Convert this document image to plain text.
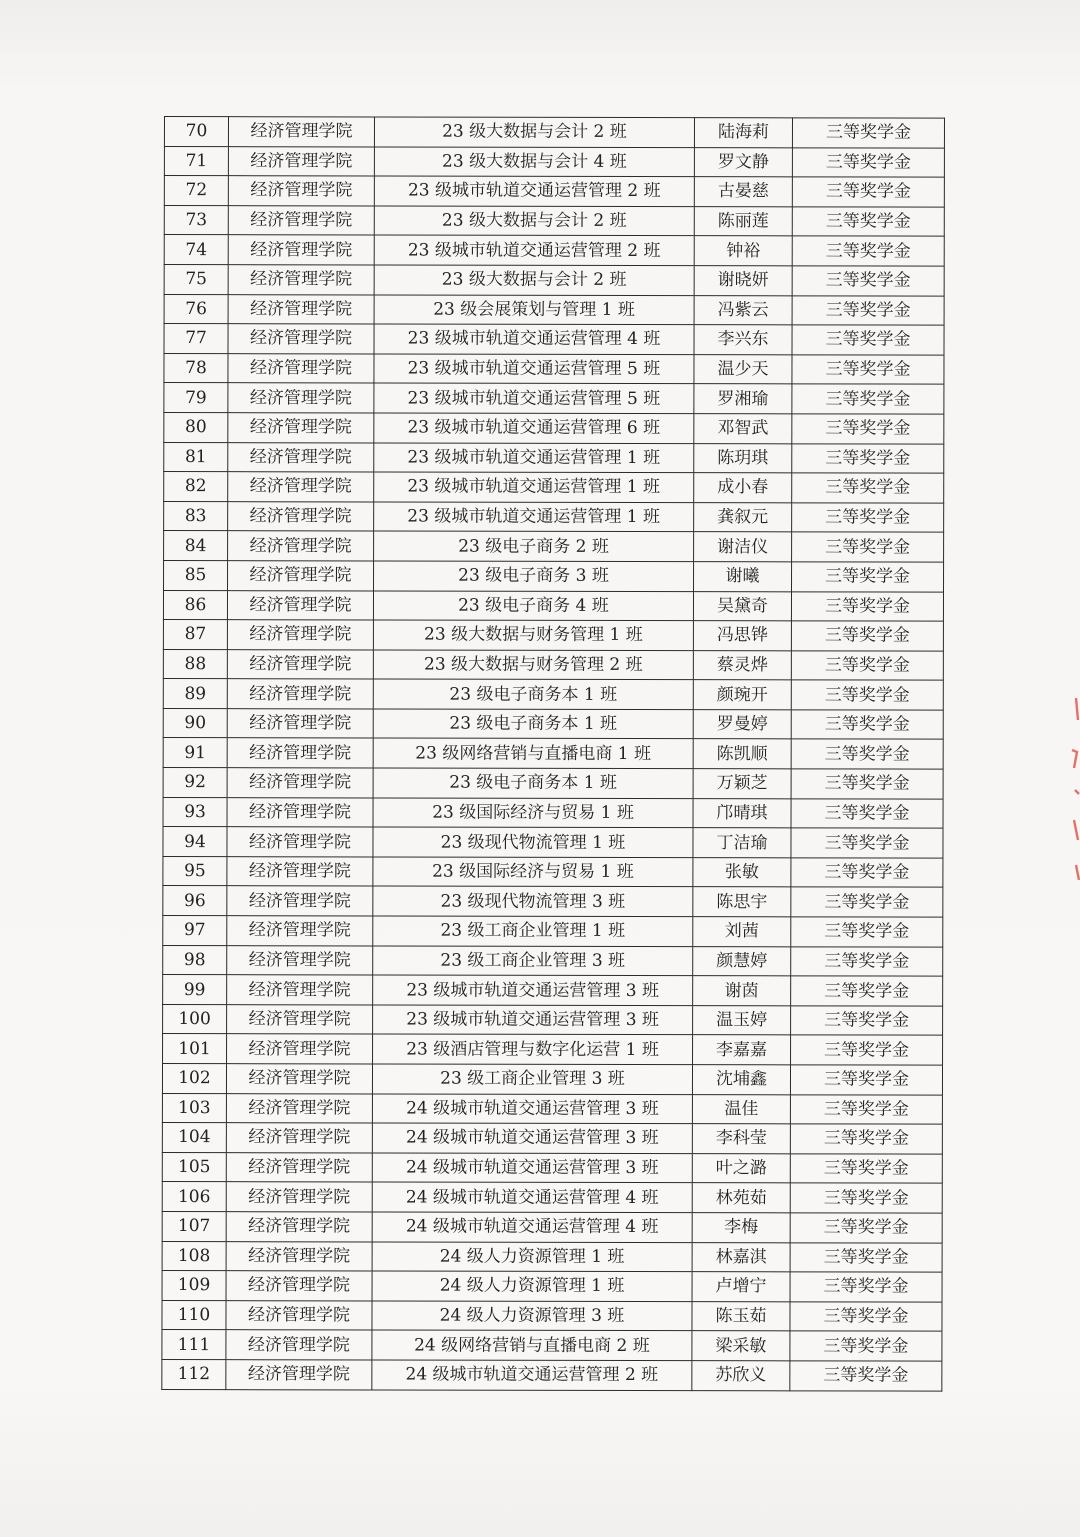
70	经济管理学院	23 级大数据与会计 2 班	陆海莉	三等奖学金
71	经济管理学院	23 级大数据与会计 4 班	罗文静	三等奖学金
72	经济管理学院	23 级城市轨道交通运营管理 2 班	古晏慈	三等奖学金
73	经济管理学院	23 级大数据与会计 2 班	陈丽莲	三等奖学金
74	经济管理学院	23 级城市轨道交通运营管理 2 班	钟裕	三等奖学金
75	经济管理学院	23 级大数据与会计 2 班	谢晓妍	三等奖学金
76	经济管理学院	23 级会展策划与管理 1 班	冯紫云	三等奖学金
77	经济管理学院	23 级城市轨道交通运营管理 4 班	李兴东	三等奖学金
78	经济管理学院	23 级城市轨道交通运营管理 5 班	温少天	三等奖学金
79	经济管理学院	23 级城市轨道交通运营管理 5 班	罗湘瑜	三等奖学金
80	经济管理学院	23 级城市轨道交通运营管理 6 班	邓智武	三等奖学金
81	经济管理学院	23 级城市轨道交通运营管理 1 班	陈玥琪	三等奖学金
82	经济管理学院	23 级城市轨道交通运营管理 1 班	成小春	三等奖学金
83	经济管理学院	23 级城市轨道交通运营管理 1 班	龚叙元	三等奖学金
84	经济管理学院	23 级电子商务 2 班	谢洁仪	三等奖学金
85	经济管理学院	23 级电子商务 3 班	谢曦	三等奖学金
86	经济管理学院	23 级电子商务 4 班	吴黛奇	三等奖学金
87	经济管理学院	23 级大数据与财务管理 1 班	冯思铧	三等奖学金
88	经济管理学院	23 级大数据与财务管理 2 班	蔡灵烨	三等奖学金
89	经济管理学院	23 级电子商务本 1 班	颜琬开	三等奖学金
90	经济管理学院	23 级电子商务本 1 班	罗曼婷	三等奖学金
91	经济管理学院	23 级网络营销与直播电商 1 班	陈凯顺	三等奖学金
92	经济管理学院	23 级电子商务本 1 班	万颖芝	三等奖学金
93	经济管理学院	23 级国际经济与贸易 1 班	邝晴琪	三等奖学金
94	经济管理学院	23 级现代物流管理 1 班	丁洁瑜	三等奖学金
95	经济管理学院	23 级国际经济与贸易 1 班	张敏	三等奖学金
96	经济管理学院	23 级现代物流管理 3 班	陈思宇	三等奖学金
97	经济管理学院	23 级工商企业管理 1 班	刘茜	三等奖学金
98	经济管理学院	23 级工商企业管理 3 班	颜慧婷	三等奖学金
99	经济管理学院	23 级城市轨道交通运营管理 3 班	谢茵	三等奖学金
100	经济管理学院	23 级城市轨道交通运营管理 3 班	温玉婷	三等奖学金
101	经济管理学院	23 级酒店管理与数字化运营 1 班	李嘉嘉	三等奖学金
102	经济管理学院	23 级工商企业管理 3 班	沈埔鑫	三等奖学金
103	经济管理学院	24 级城市轨道交通运营管理 3 班	温佳	三等奖学金
104	经济管理学院	24 级城市轨道交通运营管理 3 班	李科莹	三等奖学金
105	经济管理学院	24 级城市轨道交通运营管理 3 班	叶之潞	三等奖学金
106	经济管理学院	24 级城市轨道交通运营管理 4 班	林苑茹	三等奖学金
107	经济管理学院	24 级城市轨道交通运营管理 4 班	李梅	三等奖学金
108	经济管理学院	24 级人力资源管理 1 班	林嘉淇	三等奖学金
109	经济管理学院	24 级人力资源管理 1 班	卢增宁	三等奖学金
110	经济管理学院	24 级人力资源管理 3 班	陈玉茹	三等奖学金
111	经济管理学院	24 级网络营销与直播电商 2 班	梁采敏	三等奖学金
112	经济管理学院	24 级城市轨道交通运营管理 2 班	苏欣义	三等奖学金
